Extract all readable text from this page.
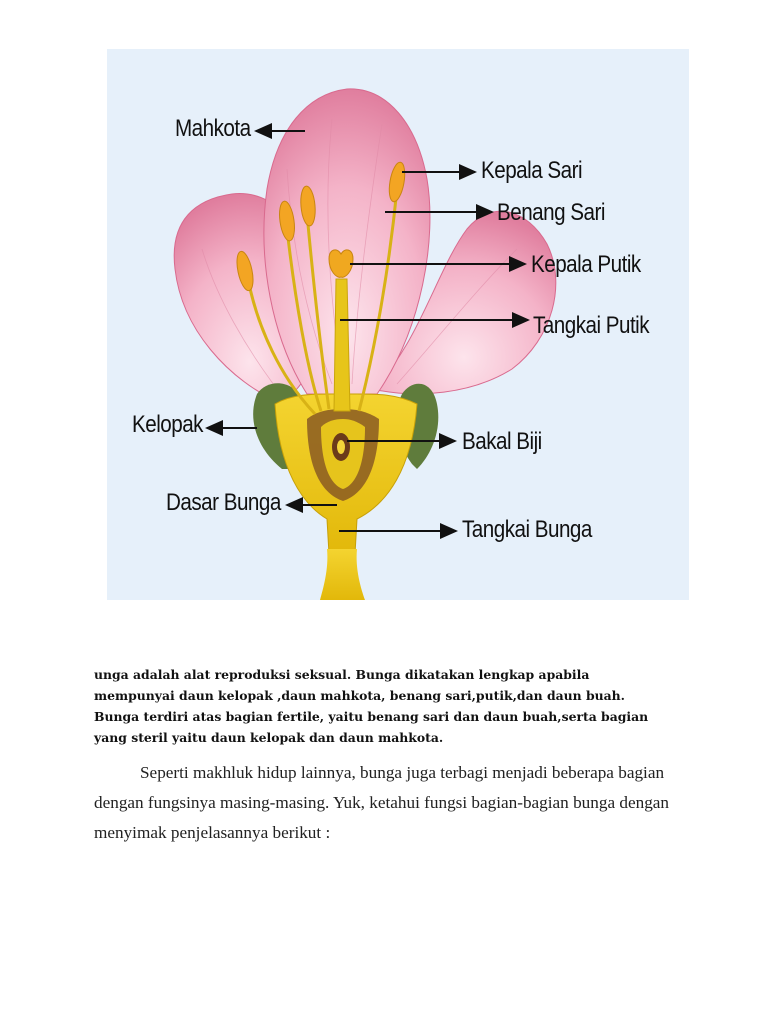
Mahkota
Kepala Sari
Benang Sari
Kepala Putik
Tangkai Putik
Kelopak
Bakal Biji
Dasar Bunga
Tangkai Bunga

unga adalah alat reproduksi seksual. Bunga dikatakan lengkap apabila mempunyai daun kelopak ,daun mahkota, benang sari,putik,dan daun buah. Bunga terdiri atas bagian fertile, yaitu benang sari dan daun buah,serta bagian yang steril yaitu daun kelopak dan daun mahkota.

Seperti makhluk hidup lainnya, bunga juga terbagi menjadi beberapa bagian dengan fungsinya masing-masing. Yuk, ketahui fungsi bagian-bagian bunga dengan menyimak penjelasannya berikut :
